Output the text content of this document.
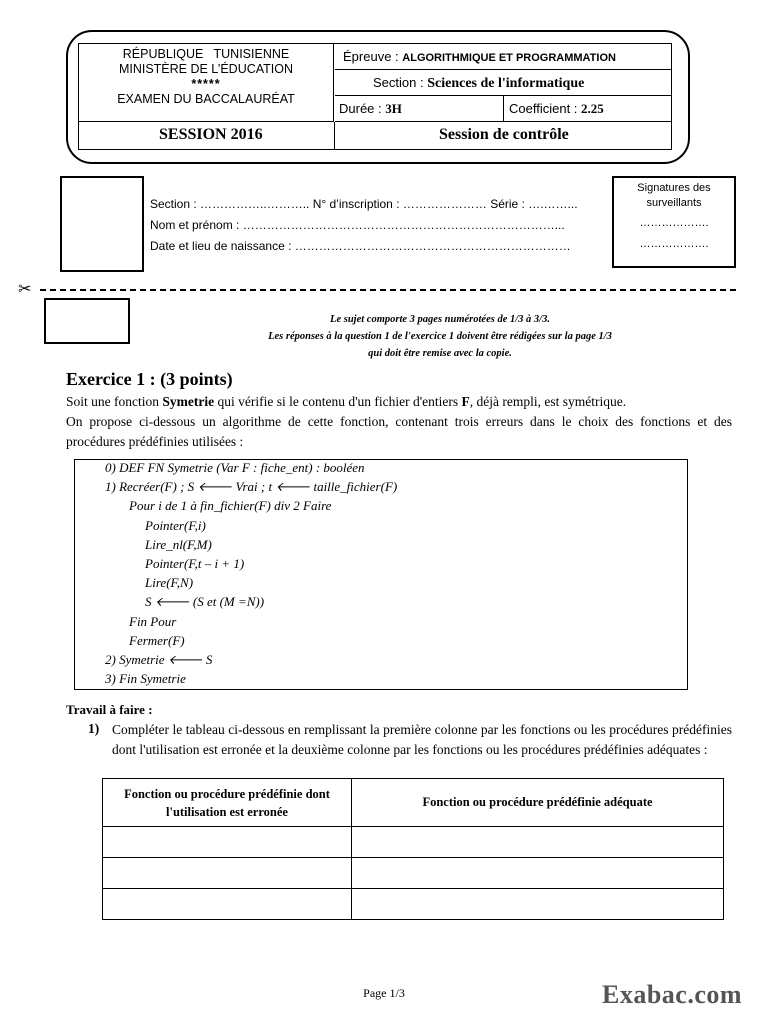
RÉPUBLIQUE   TUNISIENNE
MINISTÈRE DE L’ÉDUCATION
*****
EXAMEN DU BACCALAURÉAT
Épreuve : ALGORITHMIQUE ET PROGRAMMATION
Section : Sciences de l'informatique
Durée : 3H	Coefficient : 2.25
SESSION 2016	Session de contrôle
Section : ……………..……….. N° d’inscription : ………………… Série : ….……...
Nom et prénom : ……………………………………………………………………...
Date et lieu de naissance : ……………………………………………………………
Signatures des surveillants
……………….
……………….
✂
Le sujet comporte 3 pages numérotées de 1/3 à 3/3.
Les réponses à la question 1 de l'exercice 1 doivent être rédigées sur la page 1/3
qui doit être remise avec la copie.
Exercice 1 : (3 points)
Soit une fonction Symetrie qui vérifie si le contenu d'un fichier d'entiers F, déjà rempli, est symétrique.
On propose ci-dessous un algorithme de cette fonction, contenant trois erreurs dans le choix des fonctions et des procédures prédéfinies utilisées :
0) DEF FN Symetrie (Var F : fiche_ent) : booléen
1) Recréer(F) ; S 🡐 Vrai ; t 🡐 taille_fichier(F)
Pour i de 1 à fin_fichier(F) div 2 Faire
Pointer(F,i)
Lire_nl(F,M)
Pointer(F,t – i + 1)
Lire(F,N)
S 🡐 (S et (M =N))
Fin Pour
Fermer(F)
2) Symetrie 🡐 S
3) Fin Symetrie
Travail à faire :
1) Compléter le tableau ci-dessous en remplissant la première colonne par les fonctions ou les procédures prédéfinies dont l'utilisation est erronée et la deuxième colonne par les fonctions ou les procédures prédéfinies adéquates :
Fonction ou procédure prédéfinie dont l'utilisation est erronée	Fonction ou procédure prédéfinie adéquate

Page 1/3	Exabac.com
